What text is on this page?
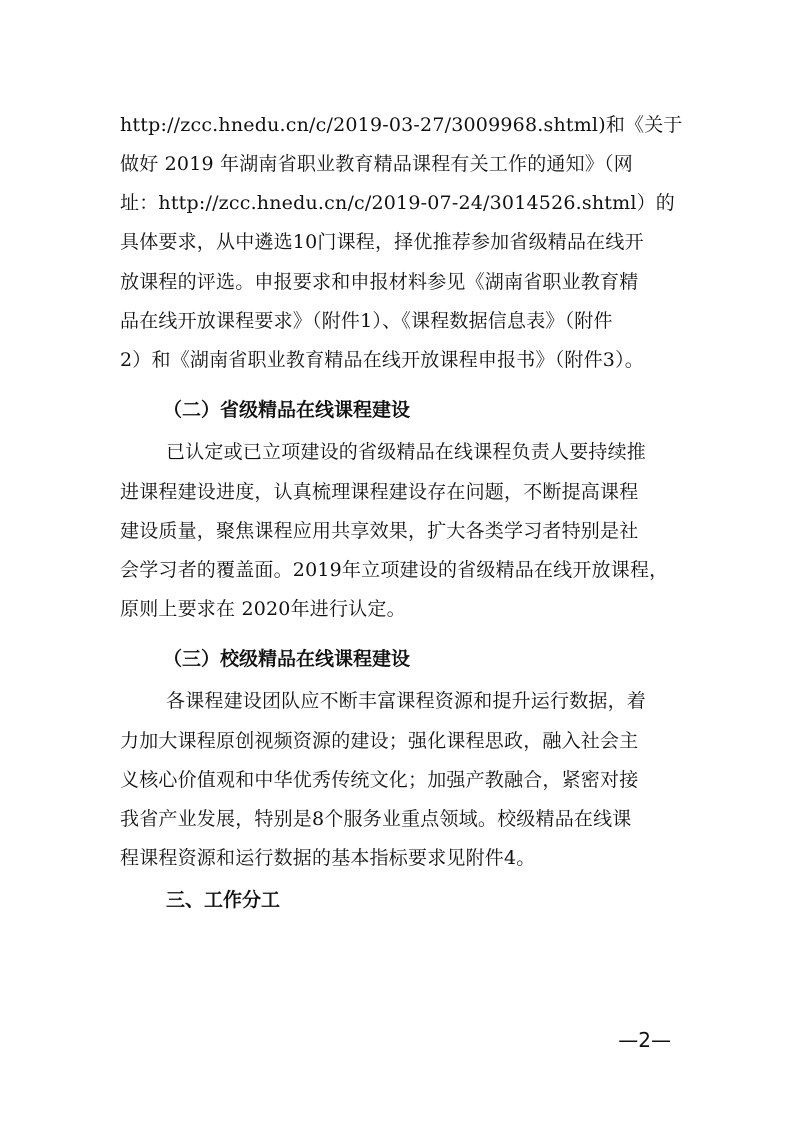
http://zcc.hnedu.cn/c/2019-03-27/3009968.shtml)和《关于
做好 2019 年湖南省职业教育精品课程有关工作的通知》（网
址：http://zcc.hnedu.cn/c/2019-07-24/3014526.shtml）的
具体要求，从中遴选10门课程，择优推荐参加省级精品在线开
放课程的评选。申报要求和申报材料参见《湖南省职业教育精
品在线开放课程要求》（附件1）、《课程数据信息表》（附件
2）和《湖南省职业教育精品在线开放课程申报书》（附件3）。
（二）省级精品在线课程建设
已认定或已立项建设的省级精品在线课程负责人要持续推
进课程建设进度，认真梳理课程建设存在问题，不断提高课程
建设质量，聚焦课程应用共享效果，扩大各类学习者特别是社
会学习者的覆盖面。2019年立项建设的省级精品在线开放课程，
原则上要求在 2020年进行认定。
（三）校级精品在线课程建设
各课程建设团队应不断丰富课程资源和提升运行数据，着
力加大课程原创视频资源的建设；强化课程思政，融入社会主
义核心价值观和中华优秀传统文化；加强产教融合，紧密对接
我省产业发展，特别是8个服务业重点领域。校级精品在线课
程课程资源和运行数据的基本指标要求见附件4。
三、工作分工
—2—
